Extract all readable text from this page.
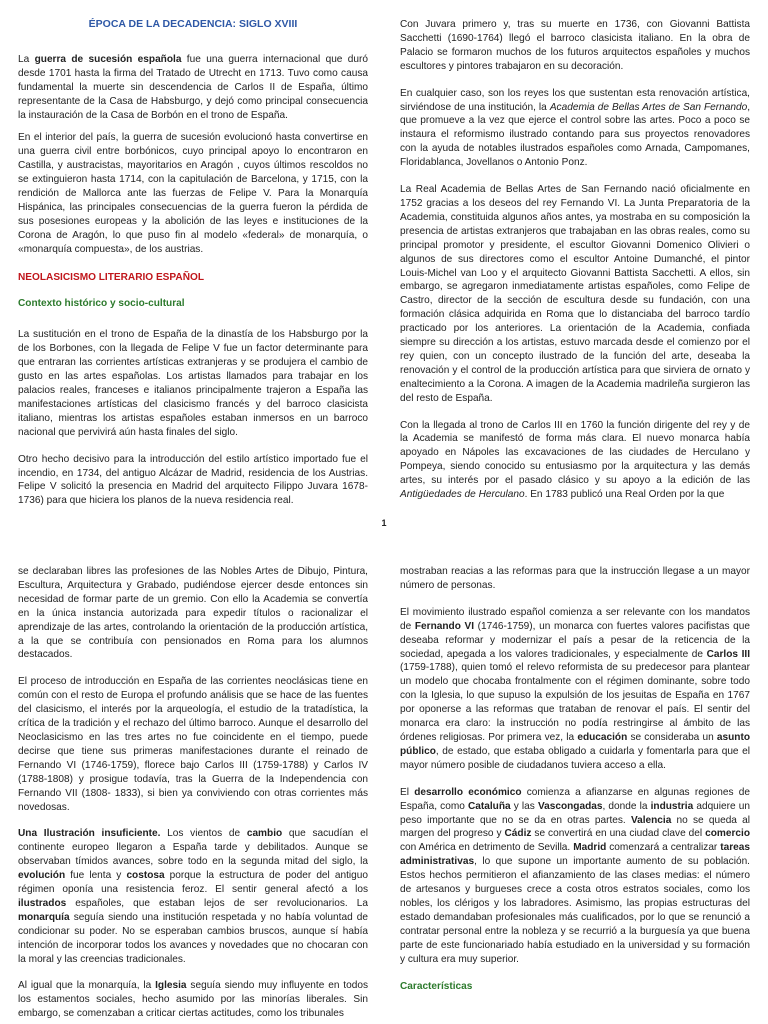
ÉPOCA DE LA DECADENCIA: SIGLO XVIII

La guerra de sucesión española fue una guerra internacional que duró desde 1701 hasta la firma del Tratado de Utrecht en 1713. Tuvo como causa fundamental la muerte sin descendencia de Carlos II de España, último representante de la Casa de Habsburgo, y dejó como principal consecuencia la instauración de la Casa de Borbón en el trono de España.

En el interior del país, la guerra de sucesión evolucionó hasta convertirse en una guerra civil entre borbónicos, cuyo principal apoyo lo encontraron en Castilla, y austracistas, mayoritarios en Aragón , cuyos últimos rescoldos no se extinguieron hasta 1714, con la capitulación de Barcelona, y 1715, con la rendición de Mallorca ante las fuerzas de Felipe V. Para la Monarquía Hispánica, las principales consecuencias de la guerra fueron la pérdida de sus posesiones europeas y la abolición de las leyes e instituciones de la Corona de Aragón, lo que puso fin al modelo «federal» de monarquía, o «monarquía compuesta», de los austrias.

NEOLASICISMO LITERARIO ESPAÑOL
Contexto histórico y socio-cultural

La sustitución en el trono de España de la dinastía de los Habsburgo por la de los Borbones, con la llegada de Felipe V fue un factor determinante para que entraran las corrientes artísticas extranjeras y se produjera el cambio de gusto en las artes españolas. Los artistas llamados para trabajar en los palacios reales, franceses e italianos principalmente trajeron a España las manifestaciones artísticas del clasicismo francés y del barroco clasicista italiano, mientras los artistas españoles estaban inmersos en un barroco nacional que pervivirá aún hasta finales del siglo.

Otro hecho decisivo para la introducción del estilo artístico importado fue el incendio, en 1734, del antiguo Alcázar de Madrid, residencia de los Austrias. Felipe V solicitó la presencia en Madrid del arquitecto Filippo Juvara 1678-1736) para que hiciera los planos de la nueva residencia real.

Con Juvara primero y, tras su muerte en 1736, con Giovanni Battista Sacchetti (1690-1764) llegó el barroco clasicista italiano. En la obra de Palacio se formaron muchos de los futuros arquitectos españoles y muchos escultores y pintores trabajaron en su decoración.

En cualquier caso, son los reyes los que sustentan esta renovación artística, sirviéndose de una institución, la Academia de Bellas Artes de San Fernando, que promueve a la vez que ejerce el control sobre las artes. Poco a poco se instaura el reformismo ilustrado contando para sus proyectos renovadores con la ayuda de notables ilustrados españoles como Arnada, Campomanes, Floridablanca, Jovellanos o Antonio Ponz.

La Real Academia de Bellas Artes de San Fernando nació oficialmente en 1752 gracias a los deseos del rey Fernando VI. La Junta Preparatoria de la Academia, constituida algunos años antes, ya mostraba en su composición la presencia de artistas extranjeros que trabajaban en las obras reales, como su principal promotor y presidente, el escultor Giovanni Domenico Olivieri o algunos de sus directores como el escultor Antoine Dumanché, el pintor Louis-Michel van Loo y el arquitecto Giovanni Battista Sacchetti. A ellos, sin embargo, se agregaron inmediatamente artistas españoles, como Felipe de Castro, director de la sección de escultura desde su fundación, con una formación clásica adquirida en Roma que lo distanciaba del barroco tardío practicado por los anteriores. La orientación de la Academia, confiada siempre su dirección a los artistas, estuvo marcada desde el comienzo por el rey quien, con un concepto ilustrado de la función del arte, deseaba la renovación y el control de la producción artística para que sirviera de ornato y enaltecimiento a la Corona. A imagen de la Academia madrileña surgieron las del resto de España.

Con la llegada al trono de Carlos III en 1760 la función dirigente del rey y de la Academia se manifestó de forma más clara. El nuevo monarca había apoyado en Nápoles las excavaciones de las ciudades de Herculano y Pompeya, siendo conocido su entusiasmo por la arquitectura y las demás artes, su interés por el pasado clásico y su apoyo a la edición de las Antigüedades de Herculano. En 1783 publicó una Real Orden por la que

1

se declaraban libres las profesiones de las Nobles Artes de Dibujo, Pintura, Escultura, Arquitectura y Grabado, pudiéndose ejercer desde entonces sin necesidad de formar parte de un gremio. Con ello la Academia se convertía en la única instancia autorizada para expedir títulos o racionalizar el aprendizaje de las artes, controlando la orientación de la producción artística, a la que se contribuía con pensionados en Roma para los alumnos destacados.

El proceso de introducción en España de las corrientes neoclásicas tiene en común con el resto de Europa el profundo análisis que se hace de las fuentes del clasicismo, el interés por la arqueología, el estudio de la tratadística, la crítica de la tradición y el rechazo del último barroco. Aunque el desarrollo del Neoclasicismo en las tres artes no fue coincidente en el tiempo, puede decirse que tiene sus primeras manifestaciones durante el reinado de Fernando VI (1746-1759), florece bajo Carlos III (1759-1788) y Carlos IV (1788-1808) y prosigue todavía, tras la Guerra de la Independencia con Fernando VII (1808- 1833), si bien ya conviviendo con otras corrientes más novedosas.

Una Ilustración insuficiente. Los vientos de cambio que sacudían el continente europeo llegaron a España tarde y debilitados. Aunque se observaban tímidos avances, sobre todo en la segunda mitad del siglo, la evolución fue lenta y costosa porque la estructura de poder del antiguo régimen oponía una resistencia feroz. El sentir general afectó a los ilustrados españoles, que estaban lejos de ser revolucionarios. La monarquía seguía siendo una institución respetada y no había voluntad de condicionar su poder. No se esperaban cambios bruscos, aunque sí había intención de incorporar todos los avances y novedades que no chocaran con la moral y las creencias tradicionales.

Al igual que la monarquía, la Iglesia seguía siendo muy influyente en todos los estamentos sociales, hecho asumido por las minorías liberales. Sin embargo, se comenzaban a criticar ciertas actitudes, como los tribunales

mostraban reacias a las reformas para que la instrucción llegase a un mayor número de personas.

El movimiento ilustrado español comienza a ser relevante con los mandatos de Fernando VI (1746-1759), un monarca con fuertes valores pacifistas que deseaba reformar y modernizar el país a pesar de la reticencia de la sociedad, apegada a los valores tradicionales, y especialmente de Carlos III (1759-1788), quien tomó el relevo reformista de su predecesor para plantear un modelo que chocaba frontalmente con el régimen dominante, sobre todo con la Iglesia, lo que supuso la expulsión de los jesuitas de España en 1767 por oponerse a las reformas que trataban de renovar el país. El sentir del monarca era claro: la instrucción no podía restringirse al ámbito de las órdenes religiosas. Por primera vez, la educación se consideraba un asunto público, de estado, que estaba obligado a cuidarla y fomentarla para que el mayor número posible de ciudadanos tuviera acceso a ella.

El desarrollo económico comienza a afianzarse en algunas regiones de España, como Cataluña y las Vascongadas, donde la industria adquiere un peso importante que no se da en otras partes. Valencia no se queda al margen del progreso y Cádiz se convertirá en una ciudad clave del comercio con América en detrimento de Sevilla. Madrid comenzará a centralizar tareas administrativas, lo que supone un importante aumento de su población. Estos hechos permitieron el afianzamiento de las clases medias: el número de artesanos y burgueses crece a costa otros estratos sociales, como los nobles, los clérigos y los labradores. Asimismo, las propias estructuras del estado demandaban profesionales más cualificados, por lo que se renunció a contratar personal entre la nobleza y se recurrió a la burguesía ya que buena parte de este funcionariado había estudiado en la universidad y su formación y cultura era muy superior.

Características
